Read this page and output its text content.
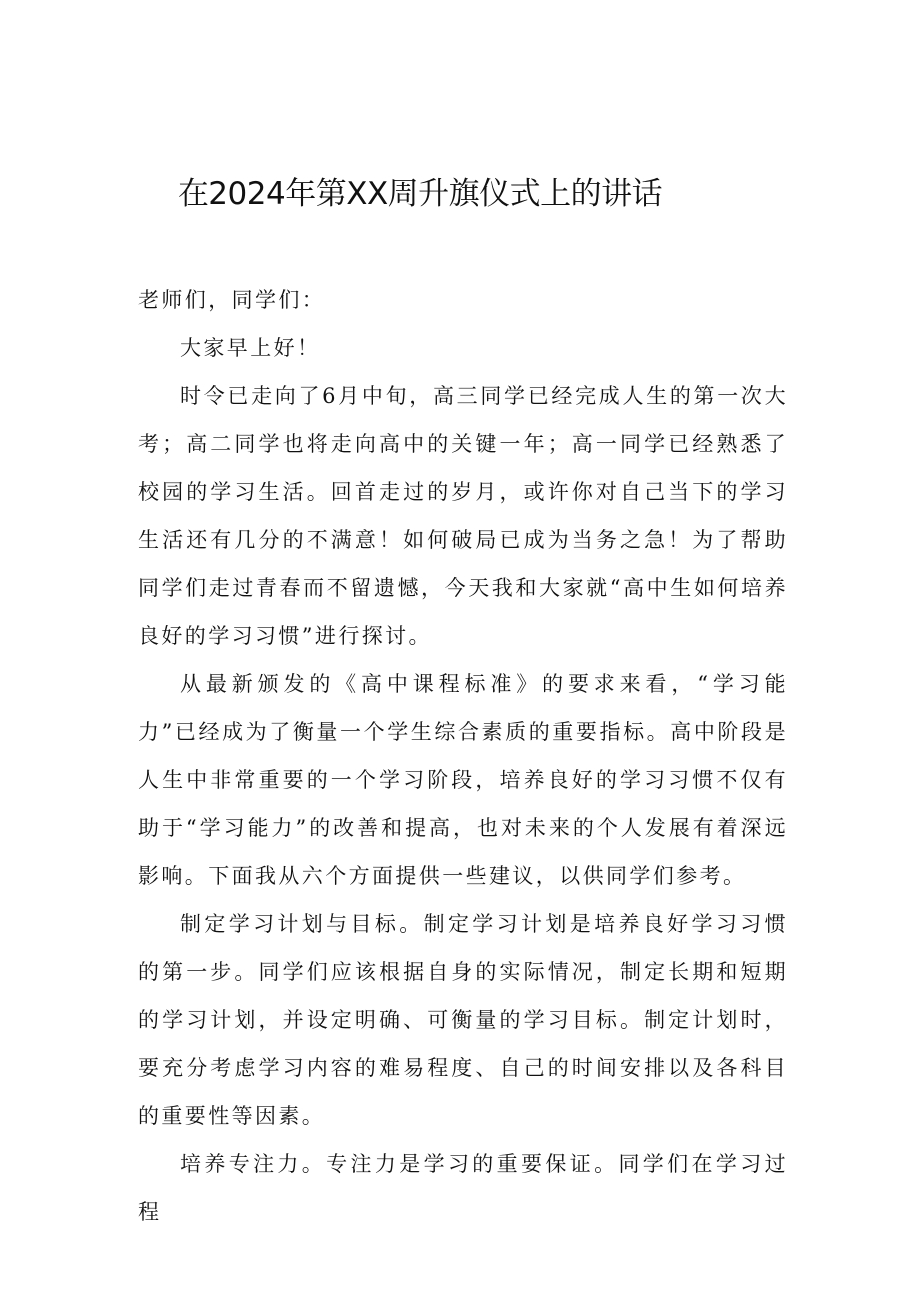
在2024年第XX周升旗仪式上的讲话

老师们，同学们：

大家早上好！

时令已走向了6月中旬，高三同学已经完成人生的第一次大考；高二同学也将走向高中的关键一年；高一同学已经熟悉了校园的学习生活。回首走过的岁月，或许你对自己当下的学习生活还有几分的不满意！如何破局已成为当务之急！为了帮助同学们走过青春而不留遗憾，今天我和大家就“高中生如何培养良好的学习习惯”进行探讨。

从最新颁发的《高中课程标准》的要求来看，“学习能力”已经成为了衡量一个学生综合素质的重要指标。高中阶段是人生中非常重要的一个学习阶段，培养良好的学习习惯不仅有助于“学习能力”的改善和提高，也对未来的个人发展有着深远影响。下面我从六个方面提供一些建议，以供同学们参考。

制定学习计划与目标。制定学习计划是培养良好学习习惯的第一步。同学们应该根据自身的实际情况，制定长期和短期的学习计划，并设定明确、可衡量的学习目标。制定计划时，要充分考虑学习内容的难易程度、自己的时间安排以及各科目的重要性等因素。

培养专注力。专注力是学习的重要保证。同学们在学习过程
